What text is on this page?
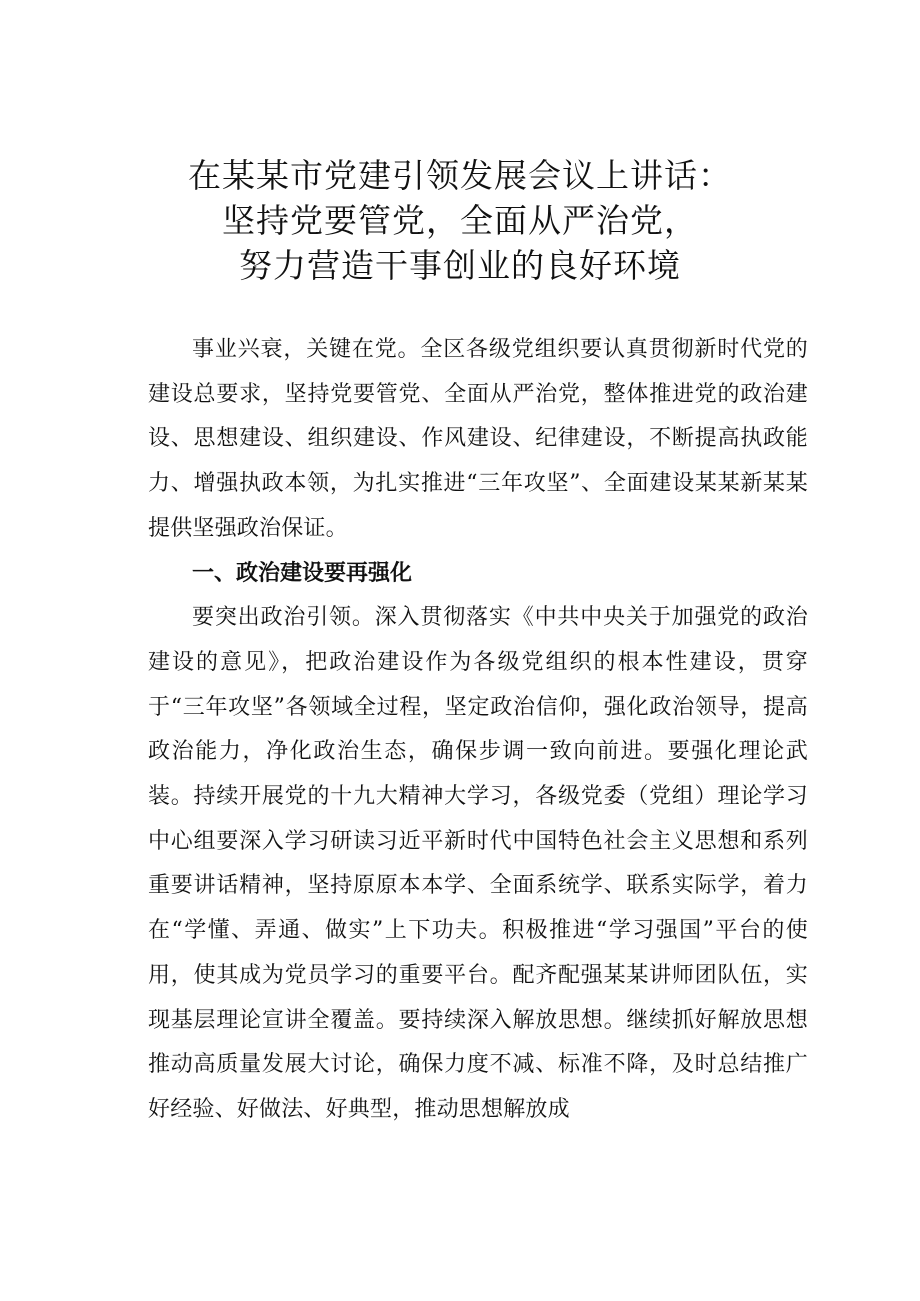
在某某市党建引领发展会议上讲话：
坚持党要管党，全面从严治党，
努力营造干事创业的良好环境

事业兴衰，关键在党。全区各级党组织要认真贯彻新时代党的建设总要求，坚持党要管党、全面从严治党，整体推进党的政治建设、思想建设、组织建设、作风建设、纪律建设，不断提高执政能力、增强执政本领，为扎实推进“三年攻坚”、全面建设某某新某某提供坚强政治保证。

一、政治建设要再强化

要突出政治引领。深入贯彻落实《中共中央关于加强党的政治建设的意见》，把政治建设作为各级党组织的根本性建设，贯穿于“三年攻坚”各领域全过程，坚定政治信仰，强化政治领导，提高政治能力，净化政治生态，确保步调一致向前进。要强化理论武装。持续开展党的十九大精神大学习，各级党委（党组）理论学习中心组要深入学习研读习近平新时代中国特色社会主义思想和系列重要讲话精神，坚持原原本本学、全面系统学、联系实际学，着力在“学懂、弄通、做实”上下功夫。积极推进“学习强国”平台的使用，使其成为党员学习的重要平台。配齐配强某某讲师团队伍，实现基层理论宣讲全覆盖。要持续深入解放思想。继续抓好解放思想推动高质量发展大讨论，确保力度不减、标准不降，及时总结推广好经验、好做法、好典型，推动思想解放成
